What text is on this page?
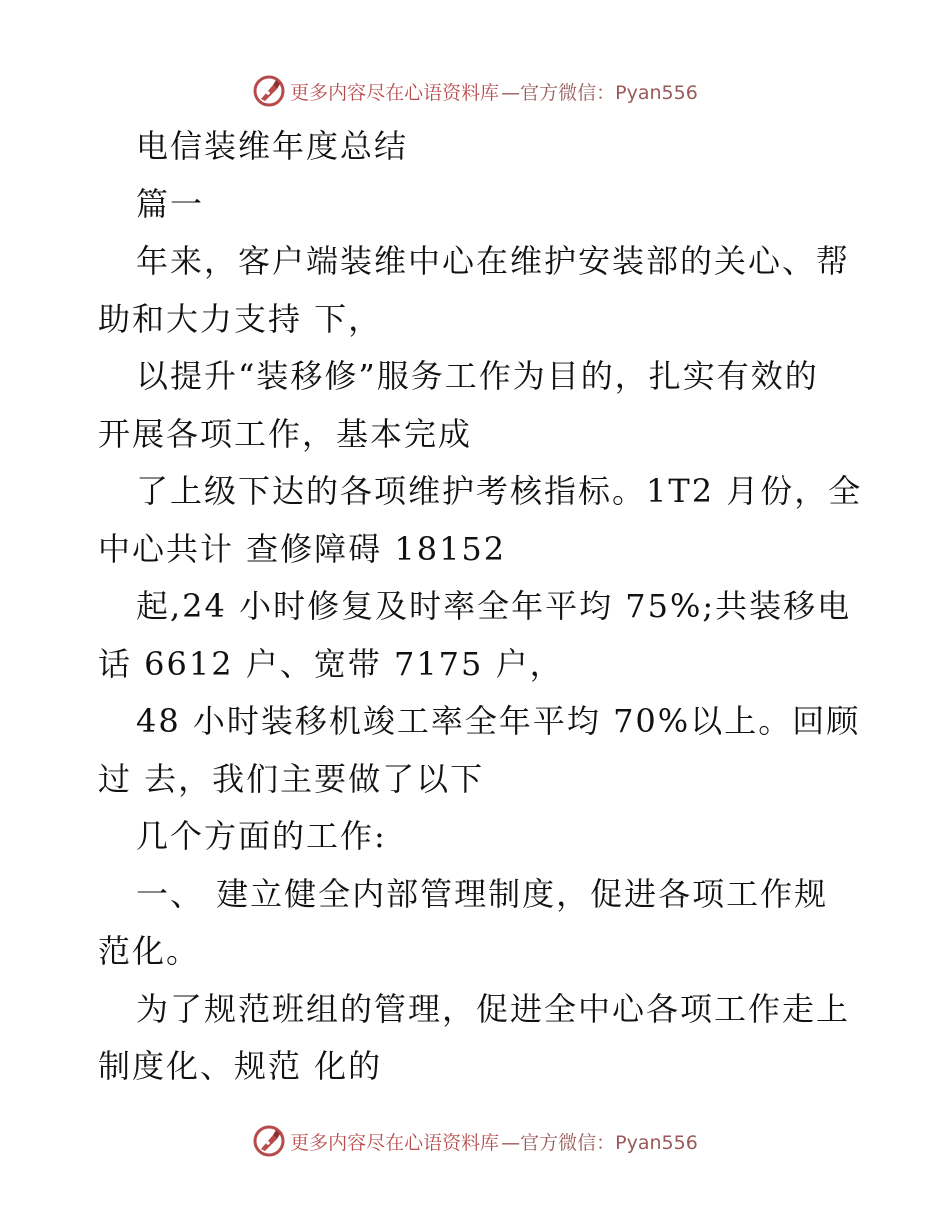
更多内容尽在心语资料库 —官方微信：Pyan556
电信装维年度总结
篇一
年来，客户端装维中心在维护安装部的关心、帮
助和大力支持 下，
以提升“装移修”服务工作为目的，扎实有效的
开展各项工作，基本完成
了上级下达的各项维护考核指标。1T2 月份，全
中心共计 查修障碍 18152
起,24 小时修复及时率全年平均 75%;共装移电
话 6612 户、宽带 7175 户，
48 小时装移机竣工率全年平均 70%以上。回顾
过 去，我们主要做了以下
几个方面的工作:
一、 建立健全内部管理制度，促进各项工作规
范化。
为了规范班组的管理，促进全中心各项工作走上
制度化、规范 化的
更多内容尽在心语资料库 —官方微信：Pyan556
